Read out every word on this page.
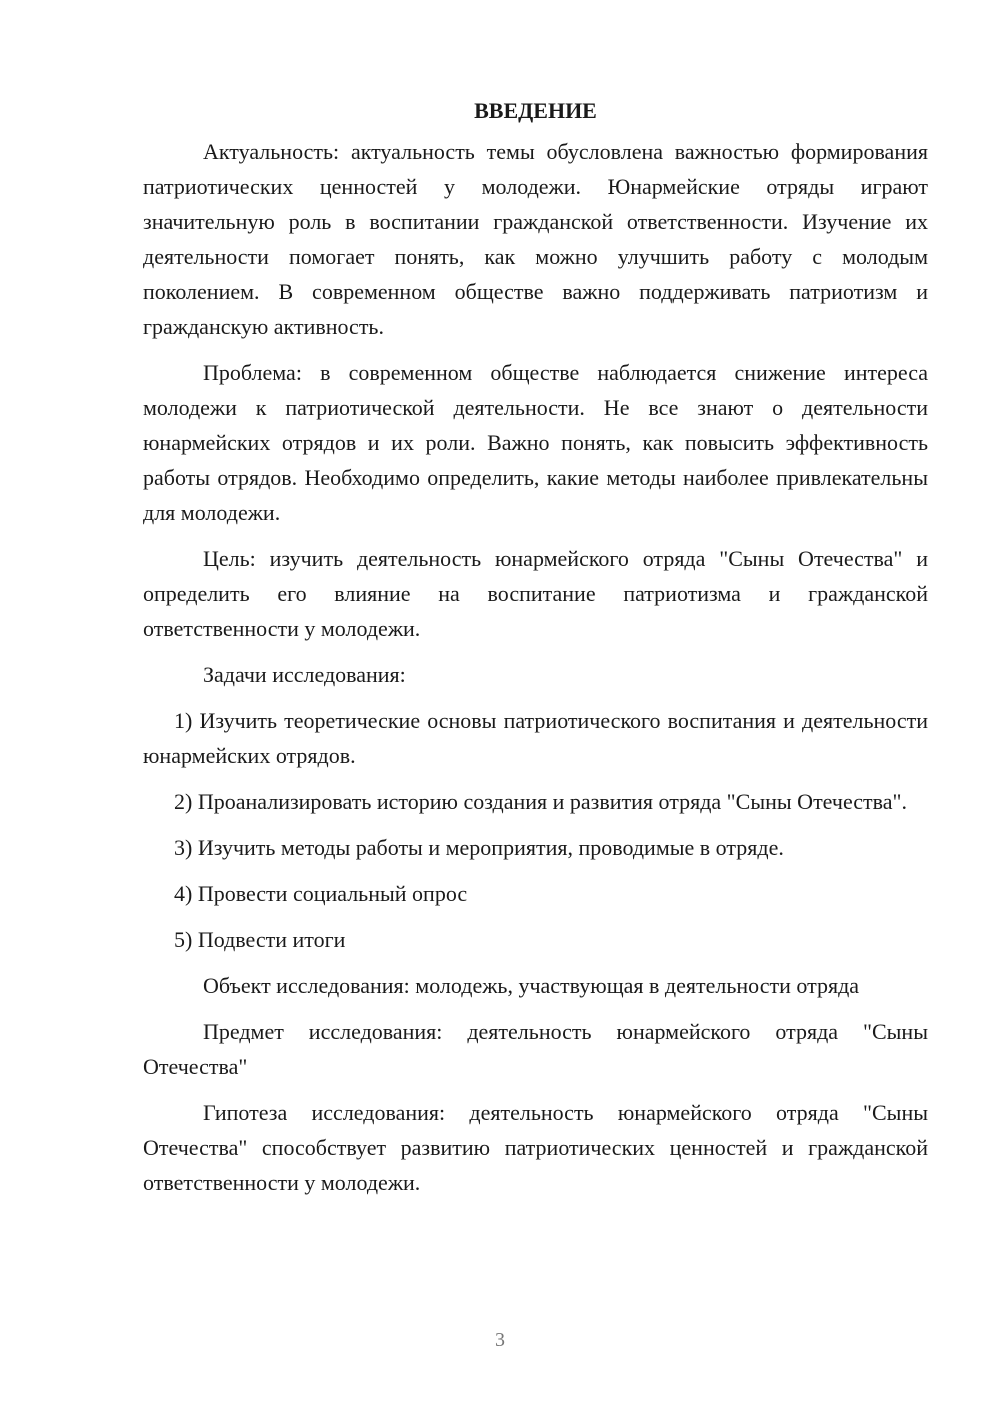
ВВЕДЕНИЕ

Актуальность: актуальность темы обусловлена важностью формирования патриотических ценностей у молодежи. Юнармейские отряды играют значительную роль в воспитании гражданской ответственности. Изучение их деятельности помогает понять, как можно улучшить работу с молодым поколением. В современном обществе важно поддерживать патриотизм и гражданскую активность.

Проблема: в современном обществе наблюдается снижение интереса молодежи к патриотической деятельности. Не все знают о деятельности юнармейских отрядов и их роли. Важно понять, как повысить эффективность работы отрядов. Необходимо определить, какие методы наиболее привлекательны для молодежи.

Цель: изучить деятельность юнармейского отряда "Сыны Отечества" и определить его влияние на воспитание патриотизма и гражданской ответственности у молодежи.

Задачи исследования:

1) Изучить теоретические основы патриотического воспитания и деятельности юнармейских отрядов.

2) Проанализировать историю создания и развития отряда "Сыны Отечества".

3) Изучить методы работы и мероприятия, проводимые в отряде.

4) Провести социальный опрос

5) Подвести итоги

Объект исследования: молодежь, участвующая в деятельности отряда

Предмет исследования: деятельность юнармейского отряда "Сыны Отечества"

Гипотеза исследования: деятельность юнармейского отряда "Сыны Отечества" способствует развитию патриотических ценностей и гражданской ответственности у молодежи.

3
